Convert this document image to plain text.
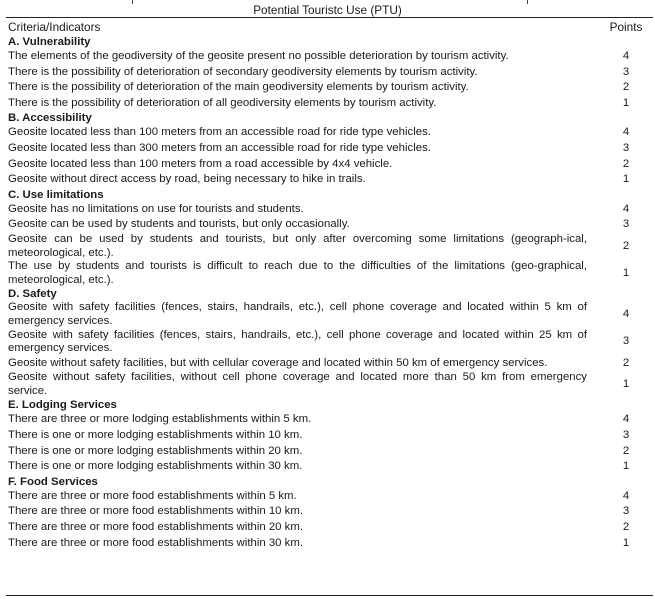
Potential Touristc Use (PTU)
Criteria/Indicators	Points
A. Vulnerability	
The elements of the geodiversity of the geosite present no possible deterioration by tourism activity.	4
There is the possibility of deterioration of secondary geodiversity elements by tourism activity.	3
There is the possibility of deterioration of the main geodiversity elements by tourism activity.	2
There is the possibility of deterioration of all geodiversity elements by tourism activity.	1
B. Accessibility	
Geosite located less than 100 meters from an accessible road for ride type vehicles.	4
Geosite located less than 300 meters from an accessible road for ride type vehicles.	3
Geosite located less than 100 meters from a road accessible by 4x4 vehicle.	2
Geosite without direct access by road, being necessary to hike in trails.	1
C. Use limitations	
Geosite has no limitations on use for tourists and students.	4
Geosite can be used by students and tourists, but only occasionally.	3
Geosite can be used by students and tourists, but only after overcoming some limitations (geograph-ical, meteorological, etc.).	2
The use by students and tourists is difficult to reach due to the difficulties of the limitations (geo-graphical, meteorological, etc.).	1
D. Safety	
Geosite with safety facilities (fences, stairs, handrails, etc.), cell phone coverage and located within 5 km of emergency services.	4
Geosite with safety facilities (fences, stairs, handrails, etc.), cell phone coverage and located within 25 km of emergency services.	3
Geosite without safety facilities, but with cellular coverage and located within 50 km of emergency services.	2
Geosite without safety facilities, without cell phone coverage and located more than 50 km from emergency service.	1
E. Lodging Services	
There are three or more lodging establishments within 5 km.	4
There is one or more lodging establishments within 10 km.	3
There is one or more lodging establishments within 20 km.	2
There is one or more lodging establishments within 30 km.	1
F. Food Services	
There are three or more food establishments within 5 km.	4
There are three or more food establishments within 10 km.	3
There are three or more food establishments within 20 km.	2
There are three or more food establishments within 30 km.	1
